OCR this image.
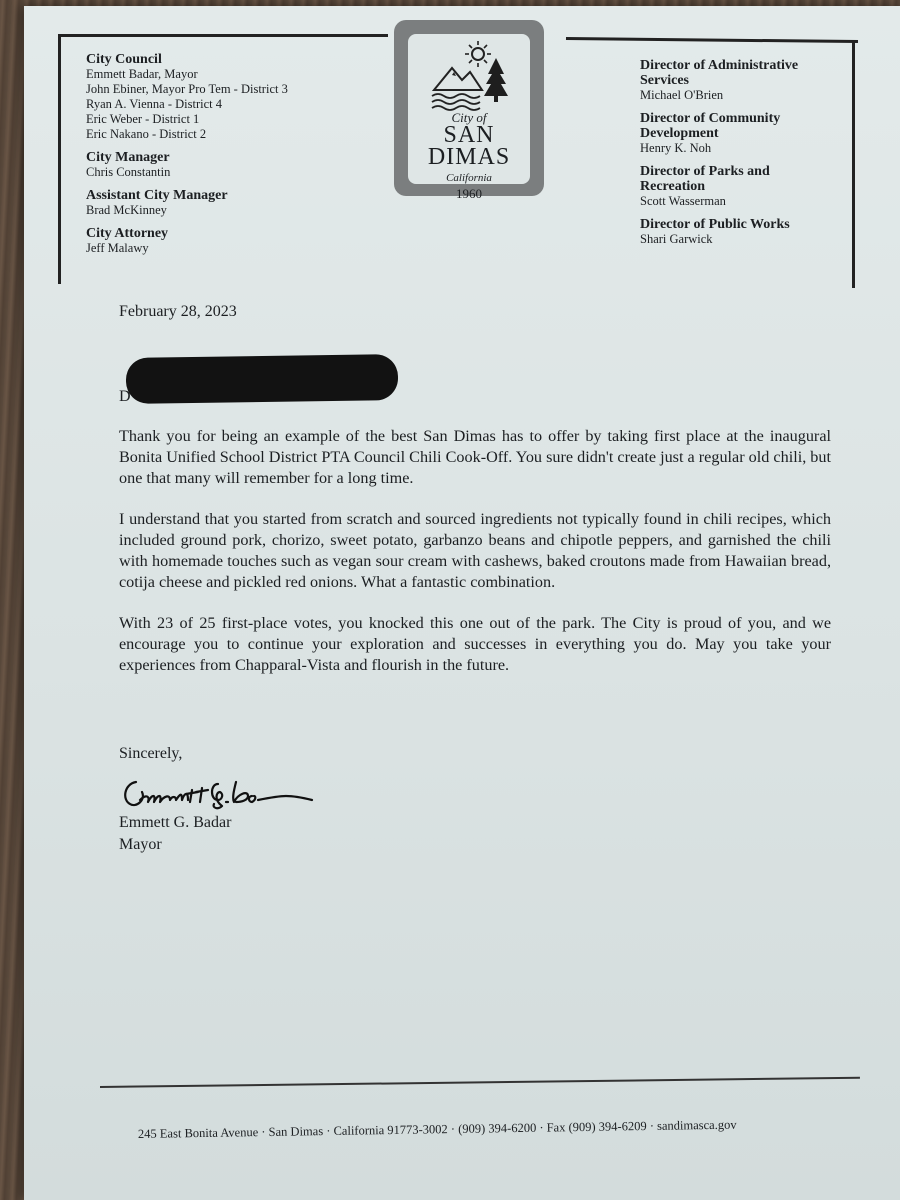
City Council
Emmett Badar, Mayor
John Ebiner, Mayor Pro Tem - District 3
Ryan A. Vienna - District 4
Eric Weber - District 1
Eric Nakano - District 2
City Manager
Chris Constantin
Assistant City Manager
Brad McKinney
City Attorney
Jeff Malawy
City of
SAN
DIMAS
California
1960
Director of Administrative
Services
Michael O'Brien
Director of Community
Development
Henry K. Noh
Director of Parks and
Recreation
Scott Wasserman
Director of Public Works
Shari Garwick
February 28, 2023
D

Thank you for being an example of the best San Dimas has to offer by taking first place at the inaugural Bonita Unified School District PTA Council Chili Cook-Off. You sure didn't create just a regular old chili, but one that many will remember for a long time.

I understand that you started from scratch and sourced ingredients not typically found in chili recipes, which included ground pork, chorizo, sweet potato, garbanzo beans and chipotle peppers, and garnished the chili with homemade touches such as vegan sour cream with cashews, baked croutons made from Hawaiian bread, cotija cheese and pickled red onions. What a fantastic combination.

With 23 of 25 first-place votes, you knocked this one out of the park. The City is proud of you, and we encourage you to continue your exploration and successes in everything you do. May you take your experiences from Chapparal-Vista and flourish in the future.

Sincerely,
Emmett G. Badar
Mayor
245 East Bonita Avenue · San Dimas · California 91773-3002 · (909) 394-6200 · Fax (909) 394-6209 · sandimasca.gov
